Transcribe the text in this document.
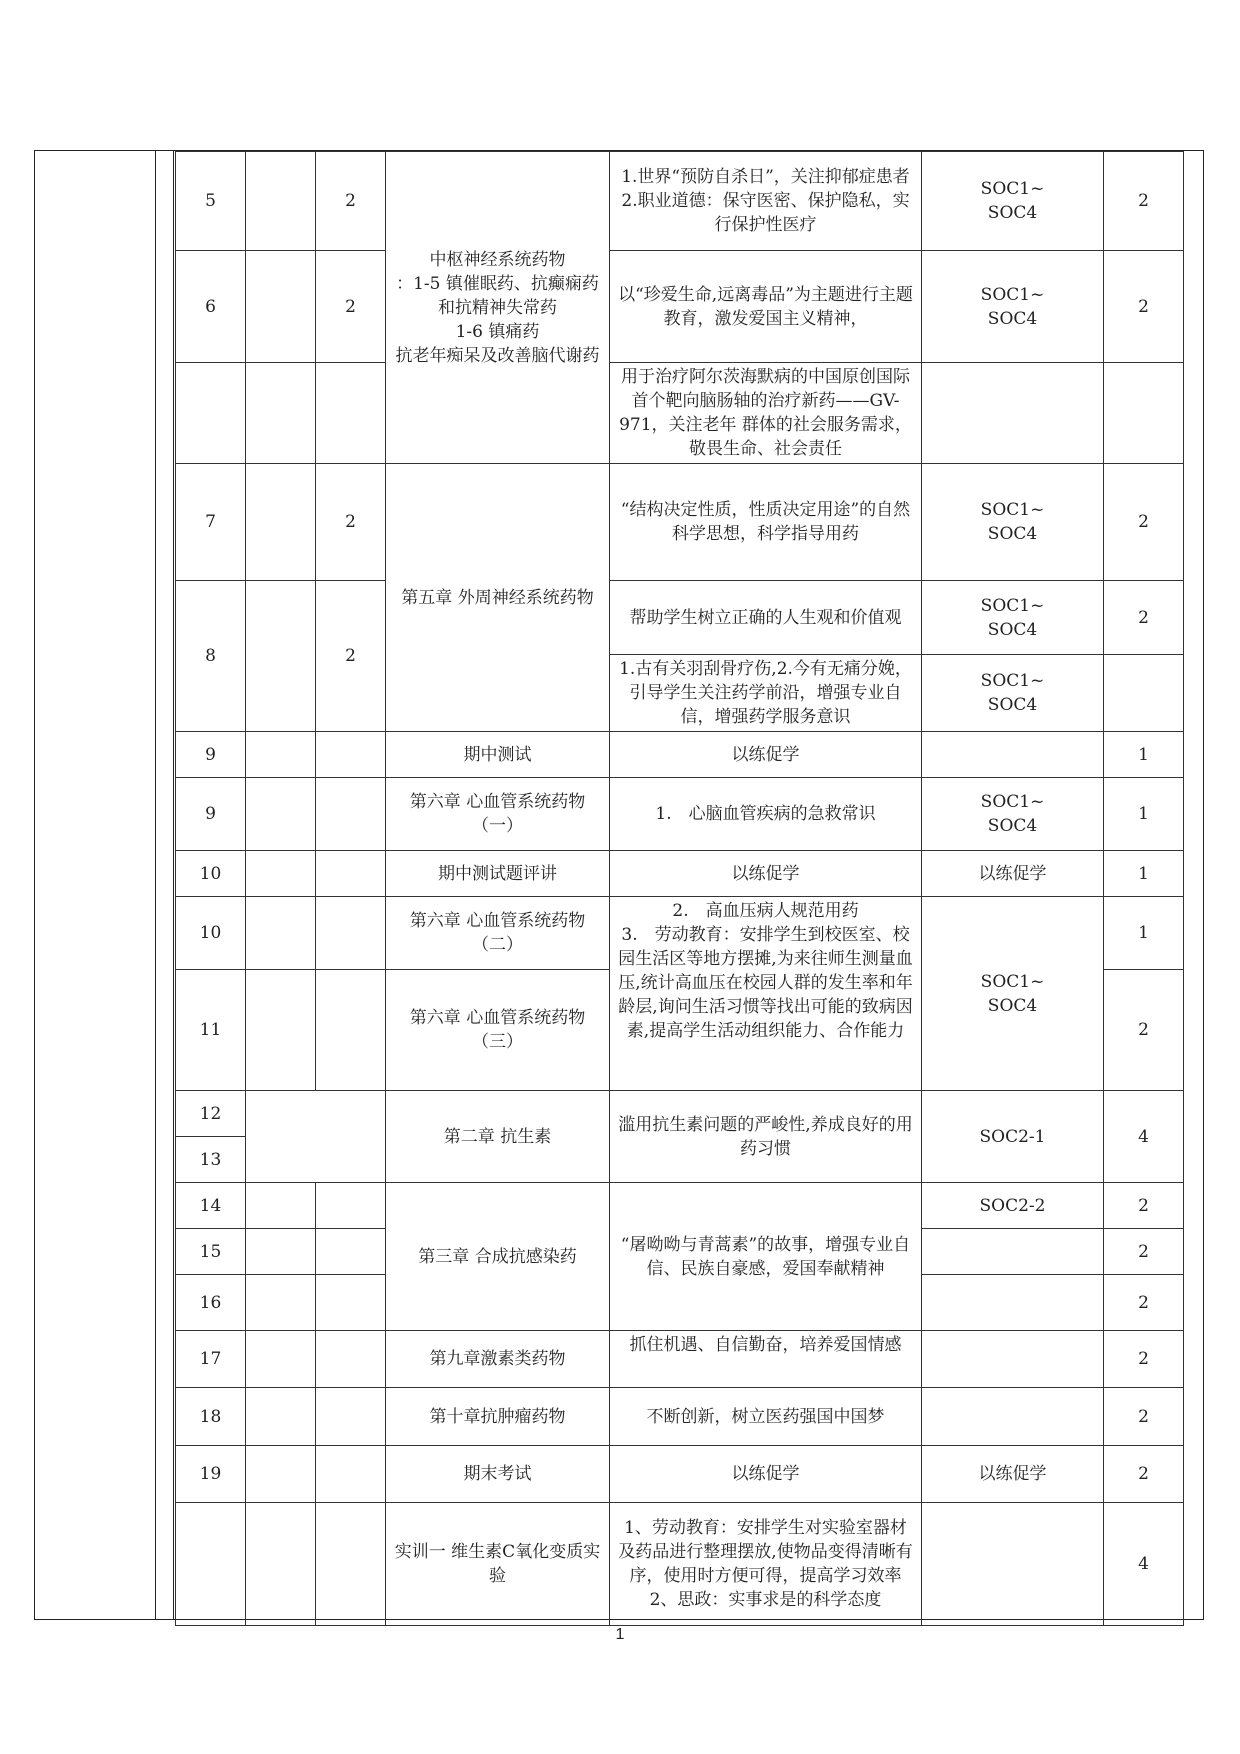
5		2	中枢神经系统药物
：1-5 镇催眠药、抗癫痫药和抗精神失常药
1-6 镇痛药
抗老年痴呆及改善脑代谢药	1.世界“预防自杀日”，关注抑郁症患者
2.职业道德：保守医密、保护隐私，实行保护性医疗	SOC1~
SOC4	2
6		2		以“珍爱生命,远离毒品”为主题进行主题教育，激发爱国主义精神，	SOC1~
SOC4	2
				用于治疗阿尔茨海默病的中国原创国际首个靶向脑肠轴的治疗新药——GV-971，关注老年 群体的社会服务需求，敬畏生命、社会责任		
7		2	第五章 外周神经系统药物	“结构决定性质，性质决定用途”的自然科学思想，科学指导用药	SOC1~
SOC4	2
8		2		帮助学生树立正确的人生观和价值观	SOC1~
SOC4	2
				1.古有关羽刮骨疗伤,2.今有无痛分娩，引导学生关注药学前沿，增强专业自信，增强药学服务意识	SOC1~
SOC4	
9			期中测试	以练促学		1
9			第六章 心血管系统药物
（一）	1.　心脑血管疾病的急救常识	SOC1~
SOC4	1
10			期中测试题评讲	以练促学	以练促学	1
10			第六章 心血管系统药物
（二）	2.　高血压病人规范用药
3.　劳动教育：安排学生到校医室、校园生活区等地方摆摊,为来往师生测量血压,统计高血压在校园人群的发生率和年龄层,询问生活习惯等找出可能的致病因素,提高学生活动组织能力、合作能力	SOC1~
SOC4	1
11			第六章 心血管系统药物
（三）			2
12			第二章 抗生素	滥用抗生素问题的严峻性,养成良好的用药习惯	SOC2-1	4
13						
14			第三章 合成抗感染药	“屠呦呦与青蒿素”的故事，增强专业自信、民族自豪感，爱国奉献精神	SOC2-2	2
15						2
16						2
17			第九章激素类药物	抓住机遇、自信勤奋，培养爱国情感		2
18			第十章抗肿瘤药物	不断创新，树立医药强国中国梦		2
19			期末考试	以练促学	以练促学	2
			实训一 维生素C氧化变质实验	1、劳动教育：安排学生对实验室器材及药品进行整理摆放,使物品变得清晰有序，使用时方便可得，提高学习效率
2、思政：实事求是的科学态度		4
1
